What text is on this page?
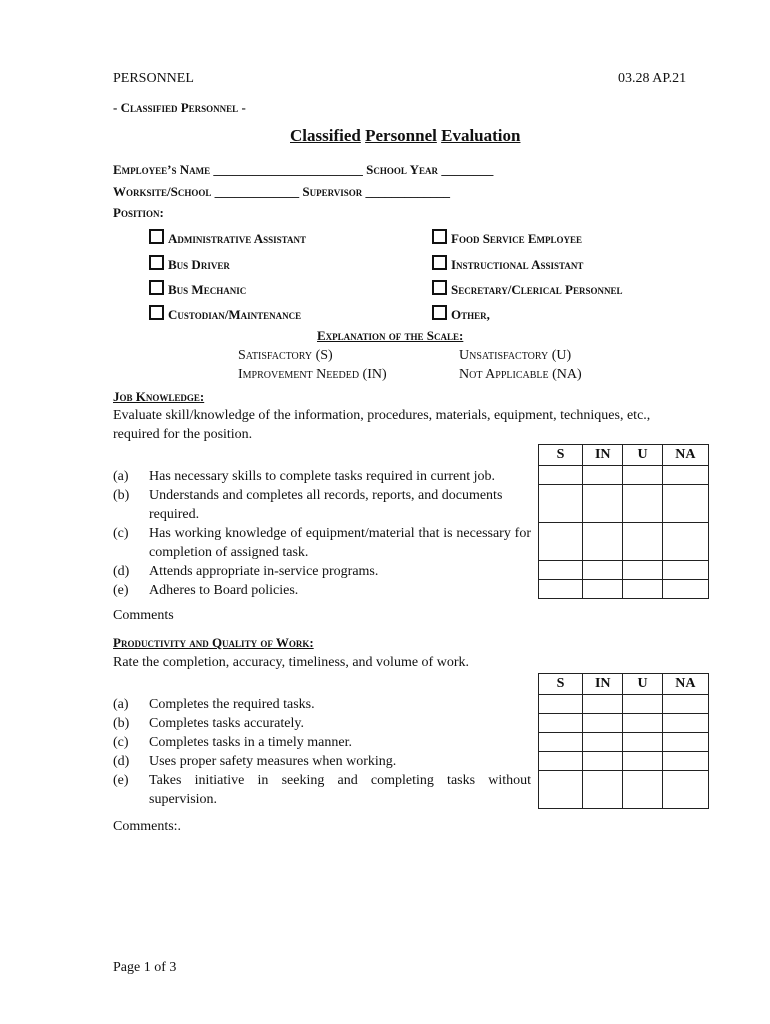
PERSONNEL	03.28 AP.21
- Classified Personnel -
Classified Personnel Evaluation
Employee’s Name _______________________ School Year ________
Worksite/School _____________ Supervisor _____________
Position:
Administrative Assistant
Bus Driver
Bus Mechanic
Custodian/Maintenance
Food Service Employee
Instructional Assistant
Secretary/Clerical Personnel
Other,
Explanation of the Scale:
Satisfactory (S)	Unsatisfactory (U)
Improvement Needed (IN)	Not Applicable (NA)
Job Knowledge:
Evaluate skill/knowledge of the information, procedures, materials, equipment, techniques, etc.,
required for the position.
S	IN	U	NA

(a) Has necessary skills to complete tasks required in current job.
(b) Understands and completes all records, reports, and documents required.
(c) Has working knowledge of equipment/material that is necessary for completion of assigned task.
(d) Attends appropriate in-service programs.
(e) Adheres to Board policies.
Comments
Productivity and Quality of Work:
Rate the completion, accuracy, timeliness, and volume of work.
S	IN	U	NA

(a) Completes the required tasks.
(b) Completes tasks accurately.
(c) Completes tasks in a timely manner.
(d) Uses proper safety measures when working.
(e) Takes initiative in seeking and completing tasks without supervision.
Comments:.
Page 1 of 3
